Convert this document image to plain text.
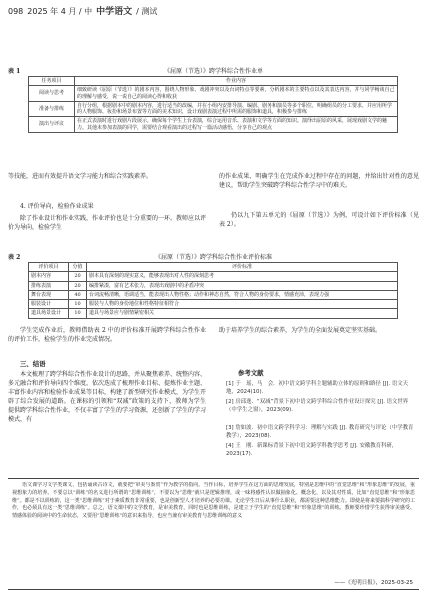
098 2025 年 4 月 / 中 中学语文 / 测试
表 1	《屈原（节选）》跨学科综合性作业单
任务项目	作业内容
阅读与思考	细致研读《屈原（节选）》的剧本内容，围绕人物形象、戏剧冲突以及台词特点等要素，分析剧本的主要特点以及其表达内容，并与同学畅谈自己的理解与感受，说一说自己的阅读心得和收获
准备与排练	自行分组，根据剧本中的剧本内容，进行适当的改编，并在小组内安排导演、编剧、剧务和演员等多个职位，明确组员的分工要求，并应用所学的人物服饰、妆扮和场景布置等方面的美术知识，设计戏剧表演过程中所需的服饰和道具，积极参与排练
演出与评议	在正式表演时进行戏剧片段展示，确保每个学生上台表演，综合运用音乐、表演和文学等方面的知识。演绎出屈原的风采，展现戏剧文学的魅力。其他未参加表演的同学，需要结合观看演出的过程写一篇活动感悟，分享自己的观点
等技能，进而有效提升语文学习能力和综合实践素养。	的作业成果，明确学生在完成作业过程中存在的问题，并给出针对性的意见建议，帮助学生突破跨学科综合性学习中的难关。
4. 评价导向，检验作业成果
除了作业设计和作业实践，作业评价也是十分重要的一环。教师应以评价为导向，检验学生
仍以九下第五单元的《屈原（节选）》为例，可设计如下评价标准（见表 2）。
表 2	《屈原（节选）》跨学科综合性作业评价标准
评价项目	分值	评价标准
剧本内容	20	剧本具有深刻的现实意义，能够表现出对人性的深刻思考
排练表演	20	编排紧凑，富有艺术张力，表现出戏剧中的矛盾冲突
舞台表现	40	台词流畅清晰，语调适当，能表现出人物性格；动作和神态自然，符合人物的身份要求，情感充沛，表现力强
服装设计	10	服装与人物的身份地位和性格特征相符合
道具场景设计	10	道具与场景应与剧情紧密相关
学生完成作业后，教师借助表 2 中的评价标准开展跨学科综合性作业的评价工作，检验学生的作业完成情况。
助于培养学生的综合素养，为学生的全面发展奠定坚实基础。
三、结语
本文梳理了跨学科综合性作业设计的思路，并从聚焦素养、统整内容、多元融合和评价导向四个维度，依次迭成了梳理作业目标、提炼作业主题、丰富作业内容和检验作业成果等目标，构建了新型研究作业模式，为学生开辟了综合发展的道路。在课标的引领和“双减”政策的支持下，教师为学生提供跨学科综合性作业，不仅丰富了学生的学习资源，还创新了学生的学习模式，有
参考文献
[1] 于　瑶，马　会．初中语文跨学科主题辅助立体的原则和路径 [J]. 语文天地，2024(10).
[2] 房邱逸．“双减”背景下初中语文跨学科综合性作业设计探究 [J]. 语文世界（中学生之窗），2023(09).
[3] 詹如波．初中语文跨学科学习：理解与实践 [J]. 教育研究与评论（中学教育教学），2023(08).
[4] 王　刚．新课标背景下初中语文跨学科教学思考 [J]. 安徽教育科研，2023(17).
语文课学习文学类课文，包括诵读古诗文，就要把“审美与鉴赏”作为教学的指向，当作目标，培养学生在这方面的思维发展，特别是思维中的“直觉思维”和“形象思维”的发展，重视想象力的培养。不要总以“训练”的名义进行所谓的“思维训练”，不要以为“思维”就只是逻辑推理，或一味将感性认识做抽象化、概念化，以及其对性质、比如“直觉思维”和“形象思维”。都是不以训练的，这一类“思维训练”对于素质教育非常重要，也是创新型人才培养的必要功课。无论学生日后从事什么职业，都需要这种思维能力。即使是将来要搞科学研究的工作，也必须具有这一类“思维训练”。总之，语文课中的文学教育，是审美教育，同时也是思维训练，是建立于学生的“直觉思维”和“形象思维”的训练。教师要珍惜学生获得审美感受、情感体验的阅读中的生命状态，又要用“思维训练”的意识来指导，也应当兼有审美教育与思维训练的意义
——《光明日报》，2025-03-25
